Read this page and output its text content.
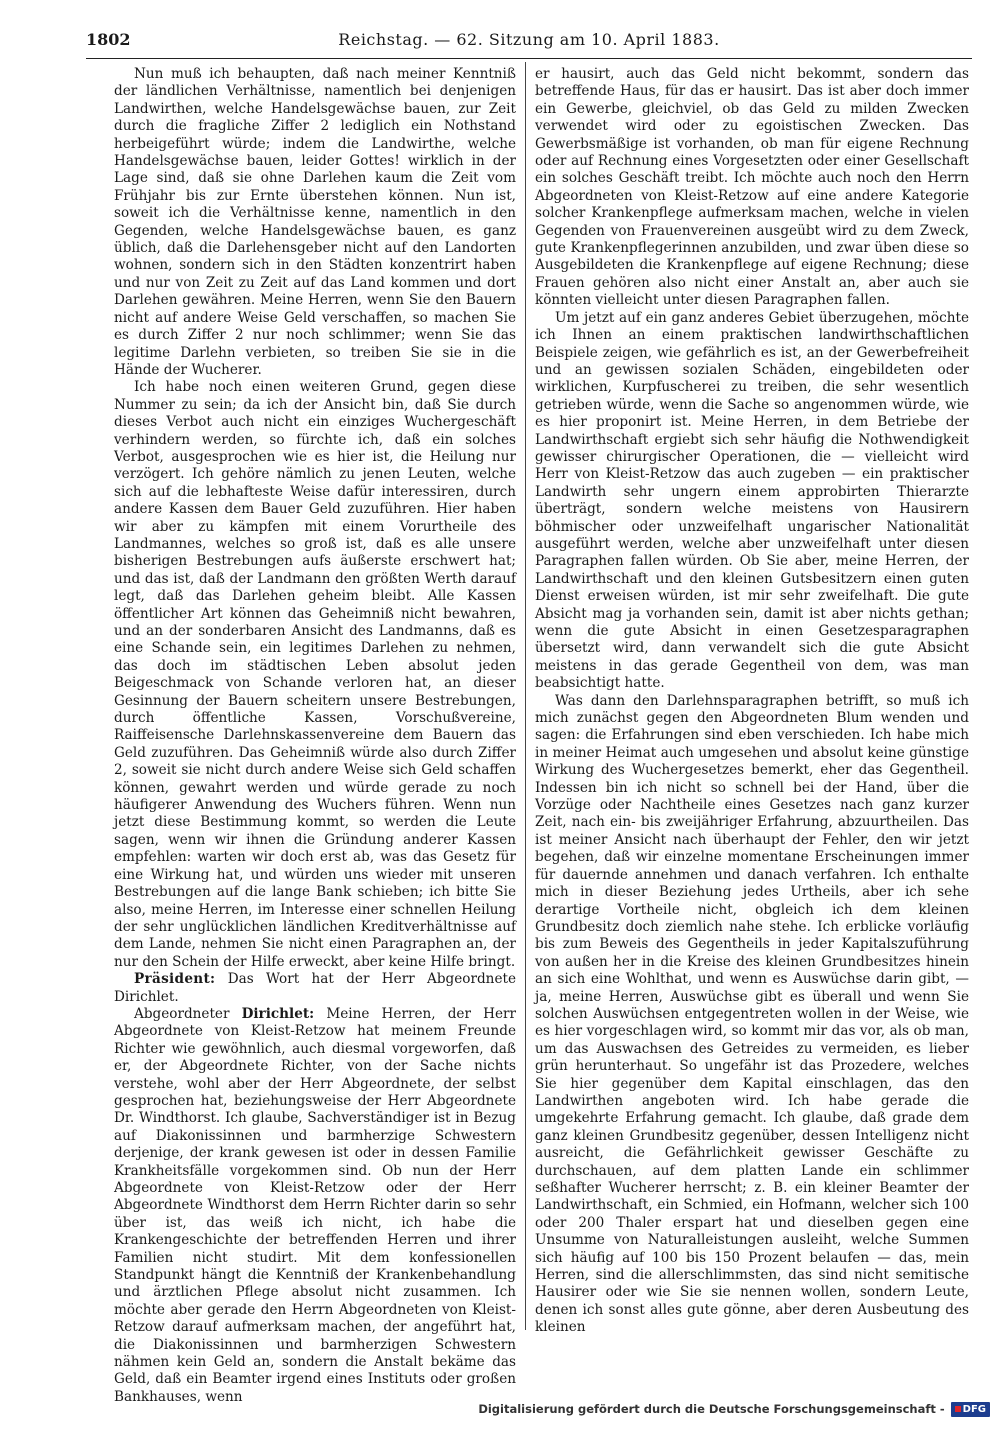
1802	Reichstag. — 62. Sitzung am 10. April 1883.

Nun muß ich behaupten, daß nach meiner Kenntniß der ländlichen Verhältnisse, namentlich bei denjenigen Landwirthen, welche Handelsgewächse bauen, zur Zeit durch die fragliche Ziffer 2 lediglich ein Nothstand herbeigeführt würde; indem die Landwirthe, welche Handelsgewächse bauen, leider Gottes! wirklich in der Lage sind, daß sie ohne Darlehen kaum die Zeit vom Frühjahr bis zur Ernte überstehen können. Nun ist, soweit ich die Verhältnisse kenne, namentlich in den Gegenden, welche Handelsgewächse bauen, es ganz üblich, daß die Darlehensgeber nicht auf den Landorten wohnen, sondern sich in den Städten konzentrirt haben und nur von Zeit zu Zeit auf das Land kommen und dort Darlehen gewähren. Meine Herren, wenn Sie den Bauern nicht auf andere Weise Geld verschaffen, so machen Sie es durch Ziffer 2 nur noch schlimmer; wenn Sie das legitime Darlehn verbieten, so treiben Sie sie in die Hände der Wucherer.

Ich habe noch einen weiteren Grund, gegen diese Nummer zu sein; da ich der Ansicht bin, daß Sie durch dieses Verbot auch nicht ein einziges Wuchergeschäft verhindern werden, so fürchte ich, daß ein solches Verbot, ausgesprochen wie es hier ist, die Heilung nur verzögert. Ich gehöre nämlich zu jenen Leuten, welche sich auf die lebhafteste Weise dafür interessiren, durch andere Kassen dem Bauer Geld zuzuführen. Hier haben wir aber zu kämpfen mit einem Vorurtheile des Landmannes, welches so groß ist, daß es alle unsere bisherigen Bestrebungen aufs äußerste erschwert hat; und das ist, daß der Landmann den größten Werth darauf legt, daß das Darlehen geheim bleibt. Alle Kassen öffentlicher Art können das Geheimniß nicht bewahren, und an der sonderbaren Ansicht des Landmanns, daß es eine Schande sein, ein legitimes Darlehen zu nehmen, das doch im städtischen Leben absolut jeden Beigeschmack von Schande verloren hat, an dieser Gesinnung der Bauern scheitern unsere Bestrebungen, durch öffentliche Kassen, Vorschußvereine, Raiffeisensche Darlehnskassenvereine dem Bauern das Geld zuzuführen. Das Geheimniß würde also durch Ziffer 2, soweit sie nicht durch andere Weise sich Geld schaffen können, gewahrt werden und würde gerade zu noch häufigerer Anwendung des Wuchers führen. Wenn nun jetzt diese Bestimmung kommt, so werden die Leute sagen, wenn wir ihnen die Gründung anderer Kassen empfehlen: warten wir doch erst ab, was das Gesetz für eine Wirkung hat, und würden uns wieder mit unseren Bestrebungen auf die lange Bank schieben; ich bitte Sie also, meine Herren, im Interesse einer schnellen Heilung der sehr unglücklichen ländlichen Kreditverhältnisse auf dem Lande, nehmen Sie nicht einen Paragraphen an, der nur den Schein der Hilfe erweckt, aber keine Hilfe bringt.

Präsident: Das Wort hat der Herr Abgeordnete Dirichlet.

Abgeordneter Dirichlet: Meine Herren, der Herr Abgeordnete von Kleist-Retzow hat meinem Freunde Richter wie gewöhnlich, auch diesmal vorgeworfen, daß er, der Abgeordnete Richter, von der Sache nichts verstehe, wohl aber der Herr Abgeordnete, der selbst gesprochen hat, beziehungsweise der Herr Abgeordnete Dr. Windthorst. Ich glaube, Sachverständiger ist in Bezug auf Diakonissinnen und barmherzige Schwestern derjenige, der krank gewesen ist oder in dessen Familie Krankheitsfälle vorgekommen sind. Ob nun der Herr Abgeordnete von Kleist-Retzow oder der Herr Abgeordnete Windthorst dem Herrn Richter darin so sehr über ist, das weiß ich nicht, ich habe die Krankengeschichte der betreffenden Herren und ihrer Familien nicht studirt. Mit dem konfessionellen Standpunkt hängt die Kenntniß der Krankenbehandlung und ärztlichen Pflege absolut nicht zusammen. Ich möchte aber gerade den Herrn Abgeordneten von Kleist-Retzow darauf aufmerksam machen, der angeführt hat, die Diakonissinnen und barmherzigen Schwestern nähmen kein Geld an, sondern die Anstalt bekäme das Geld, daß ein Beamter irgend eines Instituts oder großen Bankhauses, wenn

er hausirt, auch das Geld nicht bekommt, sondern das betreffende Haus, für das er hausirt. Das ist aber doch immer ein Gewerbe, gleichviel, ob das Geld zu milden Zwecken verwendet wird oder zu egoistischen Zwecken. Das Gewerbsmäßige ist vorhanden, ob man für eigene Rechnung oder auf Rechnung eines Vorgesetzten oder einer Gesellschaft ein solches Geschäft treibt. Ich möchte auch noch den Herrn Abgeordneten von Kleist-Retzow auf eine andere Kategorie solcher Krankenpflege aufmerksam machen, welche in vielen Gegenden von Frauenvereinen ausgeübt wird zu dem Zweck, gute Krankenpflegerinnen anzubilden, und zwar üben diese so Ausgebildeten die Krankenpflege auf eigene Rechnung; diese Frauen gehören also nicht einer Anstalt an, aber auch sie könnten vielleicht unter diesen Paragraphen fallen.

Um jetzt auf ein ganz anderes Gebiet überzugehen, möchte ich Ihnen an einem praktischen landwirthschaftlichen Beispiele zeigen, wie gefährlich es ist, an der Gewerbefreiheit und an gewissen sozialen Schäden, eingebildeten oder wirklichen, Kurpfuscherei zu treiben, die sehr wesentlich getrieben würde, wenn die Sache so angenommen würde, wie es hier proponirt ist. Meine Herren, in dem Betriebe der Landwirthschaft ergiebt sich sehr häufig die Nothwendigkeit gewisser chirurgischer Operationen, die — vielleicht wird Herr von Kleist-Retzow das auch zugeben — ein praktischer Landwirth sehr ungern einem approbirten Thierarzte überträgt, sondern welche meistens von Hausirern böhmischer oder unzweifelhaft ungarischer Nationalität ausgeführt werden, welche aber unzweifelhaft unter diesen Paragraphen fallen würden. Ob Sie aber, meine Herren, der Landwirthschaft und den kleinen Gutsbesitzern einen guten Dienst erweisen würden, ist mir sehr zweifelhaft. Die gute Absicht mag ja vorhanden sein, damit ist aber nichts gethan; wenn die gute Absicht in einen Gesetzesparagraphen übersetzt wird, dann verwandelt sich die gute Absicht meistens in das gerade Gegentheil von dem, was man beabsichtigt hatte.

Was dann den Darlehnsparagraphen betrifft, so muß ich mich zunächst gegen den Abgeordneten Blum wenden und sagen: die Erfahrungen sind eben verschieden. Ich habe mich in meiner Heimat auch umgesehen und absolut keine günstige Wirkung des Wuchergesetzes bemerkt, eher das Gegentheil. Indessen bin ich nicht so schnell bei der Hand, über die Vorzüge oder Nachtheile eines Gesetzes nach ganz kurzer Zeit, nach ein- bis zweijähriger Erfahrung, abzuurtheilen. Das ist meiner Ansicht nach überhaupt der Fehler, den wir jetzt begehen, daß wir einzelne momentane Erscheinungen immer für dauernde annehmen und danach verfahren. Ich enthalte mich in dieser Beziehung jedes Urtheils, aber ich sehe derartige Vortheile nicht, obgleich ich dem kleinen Grundbesitz doch ziemlich nahe stehe. Ich erblicke vorläufig bis zum Beweis des Gegentheils in jeder Kapitalszuführung von außen her in die Kreise des kleinen Grundbesitzes hinein an sich eine Wohlthat, und wenn es Auswüchse darin gibt, — ja, meine Herren, Auswüchse gibt es überall und wenn Sie solchen Auswüchsen entgegentreten wollen in der Weise, wie es hier vorgeschlagen wird, so kommt mir das vor, als ob man, um das Auswachsen des Getreides zu vermeiden, es lieber grün herunterhaut. So ungefähr ist das Prozedere, welches Sie hier gegenüber dem Kapital einschlagen, das den Landwirthen angeboten wird. Ich habe gerade die umgekehrte Erfahrung gemacht. Ich glaube, daß grade dem ganz kleinen Grundbesitz gegenüber, dessen Intelligenz nicht ausreicht, die Gefährlichkeit gewisser Geschäfte zu durchschauen, auf dem platten Lande ein schlimmer seßhafter Wucherer herrscht; z. B. ein kleiner Beamter der Landwirthschaft, ein Schmied, ein Hofmann, welcher sich 100 oder 200 Thaler erspart hat und dieselben gegen eine Unsumme von Naturalleistungen ausleiht, welche Summen sich häufig auf 100 bis 150 Prozent belaufen — das, mein Herren, sind die allerschlimmsten, das sind nicht semitische Hausirer oder wie Sie sie nennen wollen, sondern Leute, denen ich sonst alles gute gönne, aber deren Ausbeutung des kleinen

Digitalisierung gefördert durch die Deutsche Forschungsgemeinschaft - DFG
